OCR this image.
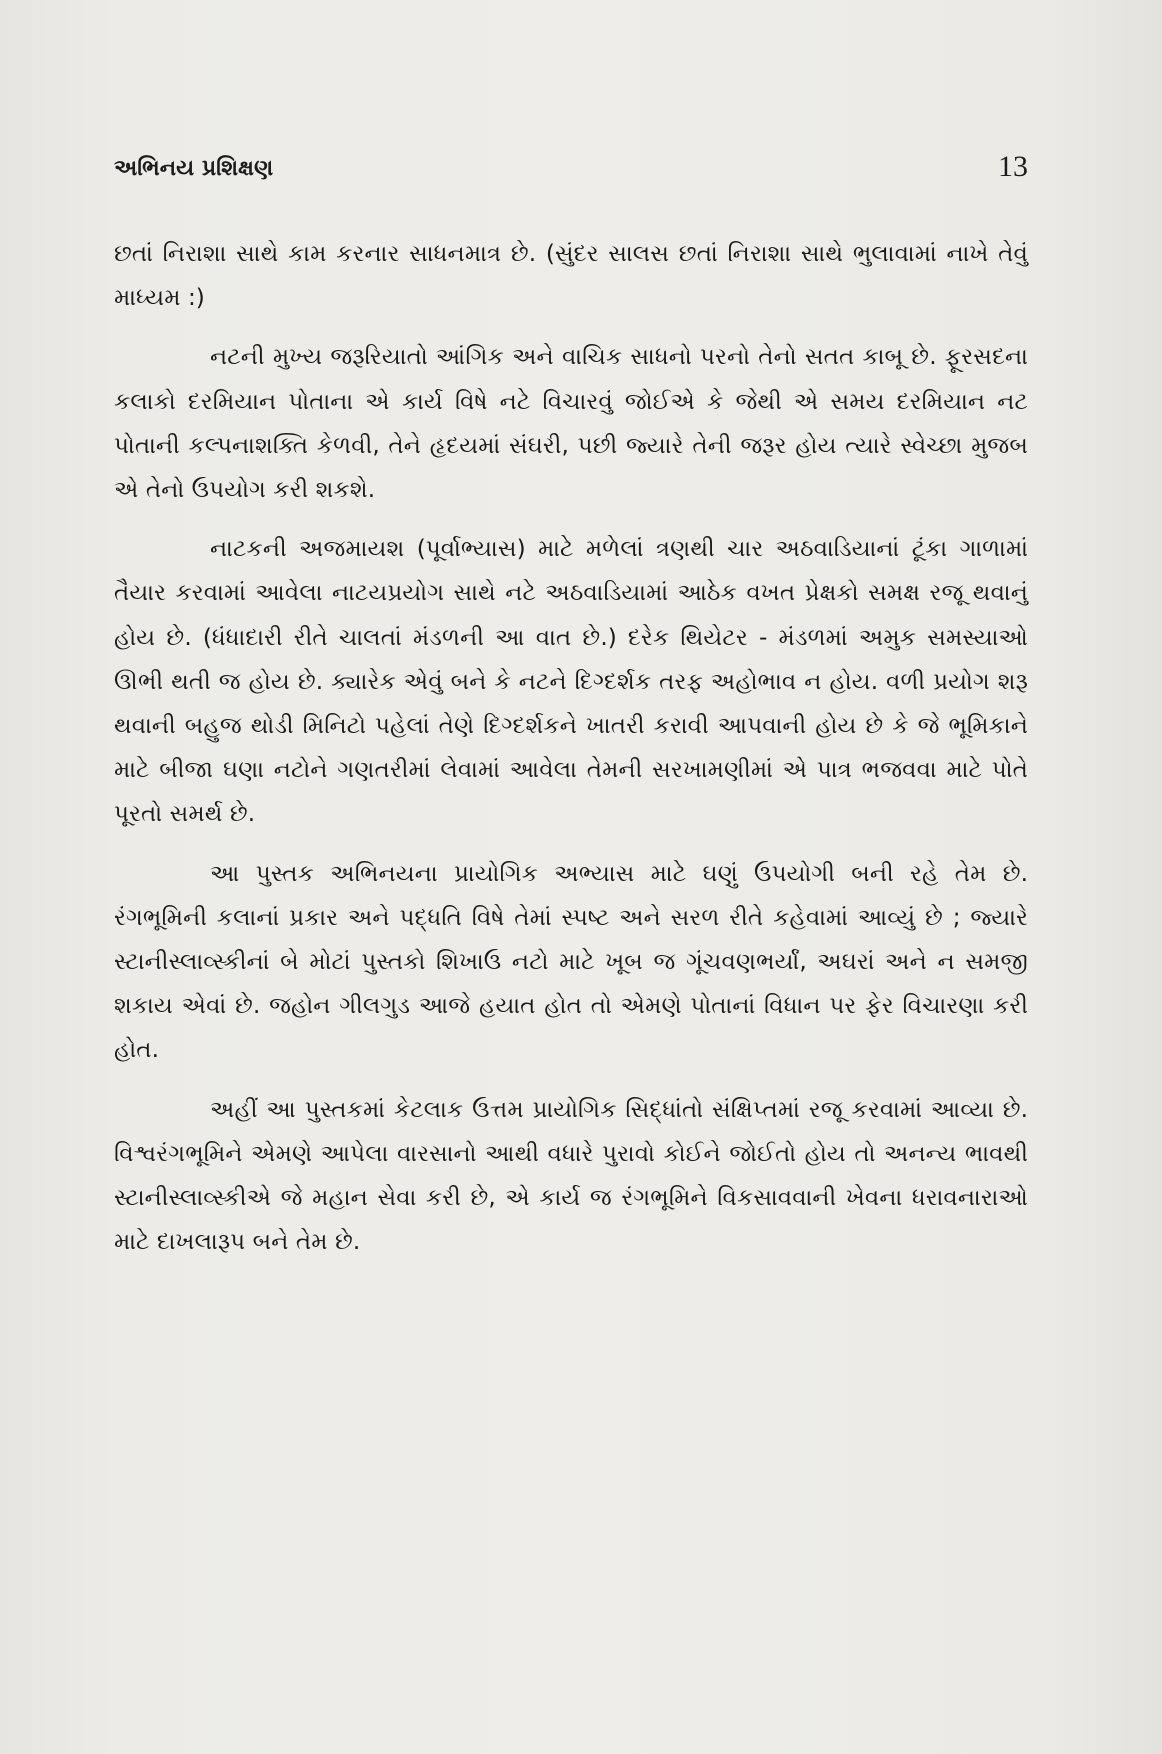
અભિનય પ્રશિક્ષણ	13

છતાં નિરાશા સાથે કામ કરનાર સાધનમાત્ર છે. (સુંદર સાલસ છતાં નિરાશા સાથે ભુલાવામાં નાખે તેવું માધ્યમ :)

નટની મુખ્ય જરૂરિયાતો આંગિક અને વાચિક સાધનો પરનો તેનો સતત કાબૂ છે. ફૂરસદના કલાકો દરમિયાન પોતાના એ કાર્ય વિષે નટે વિચારવું જોઈએ કે જેથી એ સમય દરમિયાન નટ પોતાની કલ્પનાશક્તિ કેળવી, તેને હૃદયમાં સંઘરી, પછી જ્યારે તેની જરૂર હોય ત્યારે સ્વેચ્છા મુજબ એ તેનો ઉપયોગ કરી શકશે.

નાટકની અજમાયશ (પૂર્વાભ્યાસ) માટે મળેલાં ત્રણથી ચાર અઠવાડિયાનાં ટૂંકા ગાળામાં તૈયાર કરવામાં આવેલા નાટયપ્રયોગ સાથે નટે અઠવાડિયામાં આઠેક વખત પ્રેક્ષકો સમક્ષ રજૂ થવાનું હોય છે. (ધંધાદારી રીતે ચાલતાં મંડળની આ વાત છે.) દરેક થિયેટર - મંડળમાં અમુક સમસ્યાઓ ઊભી થતી જ હોય છે. ક્યારેક એવું બને કે નટને દિગ્દર્શક તરફ અહોભાવ ન હોય. વળી પ્રયોગ શરૂ થવાની બહુજ થોડી મિનિટો પહેલાં તેણે દિગ્દર્શકને ખાતરી કરાવી આપવાની હોય છે કે જે ભૂમિકાને માટે બીજા ઘણા નટોને ગણતરીમાં લેવામાં આવેલા તેમની સરખામણીમાં એ પાત્ર ભજવવા માટે પોતે પૂરતો સમર્થ છે.

આ પુસ્તક અભિનયના પ્રાયોગિક અભ્યાસ માટે ઘણું ઉપયોગી બની રહે તેમ છે. રંગભૂમિની કલાનાં પ્રકાર અને પદ્ધતિ વિષે તેમાં સ્પષ્ટ અને સરળ રીતે કહેવામાં આવ્યું છે ; જ્યારે સ્ટાનીસ્લાવ્સ્કીનાં બે મોટાં પુસ્તકો શિખાઉ નટો માટે ખૂબ જ ગૂંચવણભર્યાં, અઘરાં અને ન સમજી શકાય એવાં છે. જહોન ગીલગુડ આજે હયાત હોત તો એમણે પોતાનાં વિધાન પર ફેર વિચારણા કરી હોત.

અહીં આ પુસ્તકમાં કેટલાક ઉત્તમ પ્રાયોગિક સિદ્ધાંતો સંક્ષિપ્તમાં રજૂ કરવામાં આવ્યા છે. વિશ્વરંગભૂમિને એમણે આપેલા વારસાનો આથી વધારે પુરાવો કોઈને જોઈતો હોય તો અનન્ય ભાવથી સ્ટાનીસ્લાવ્સ્કીએ જે મહાન સેવા કરી છે, એ કાર્ય જ રંગભૂમિને વિકસાવવાની ખેવના ધરાવનારાઓ માટે દાખલારૂપ બને તેમ છે.
